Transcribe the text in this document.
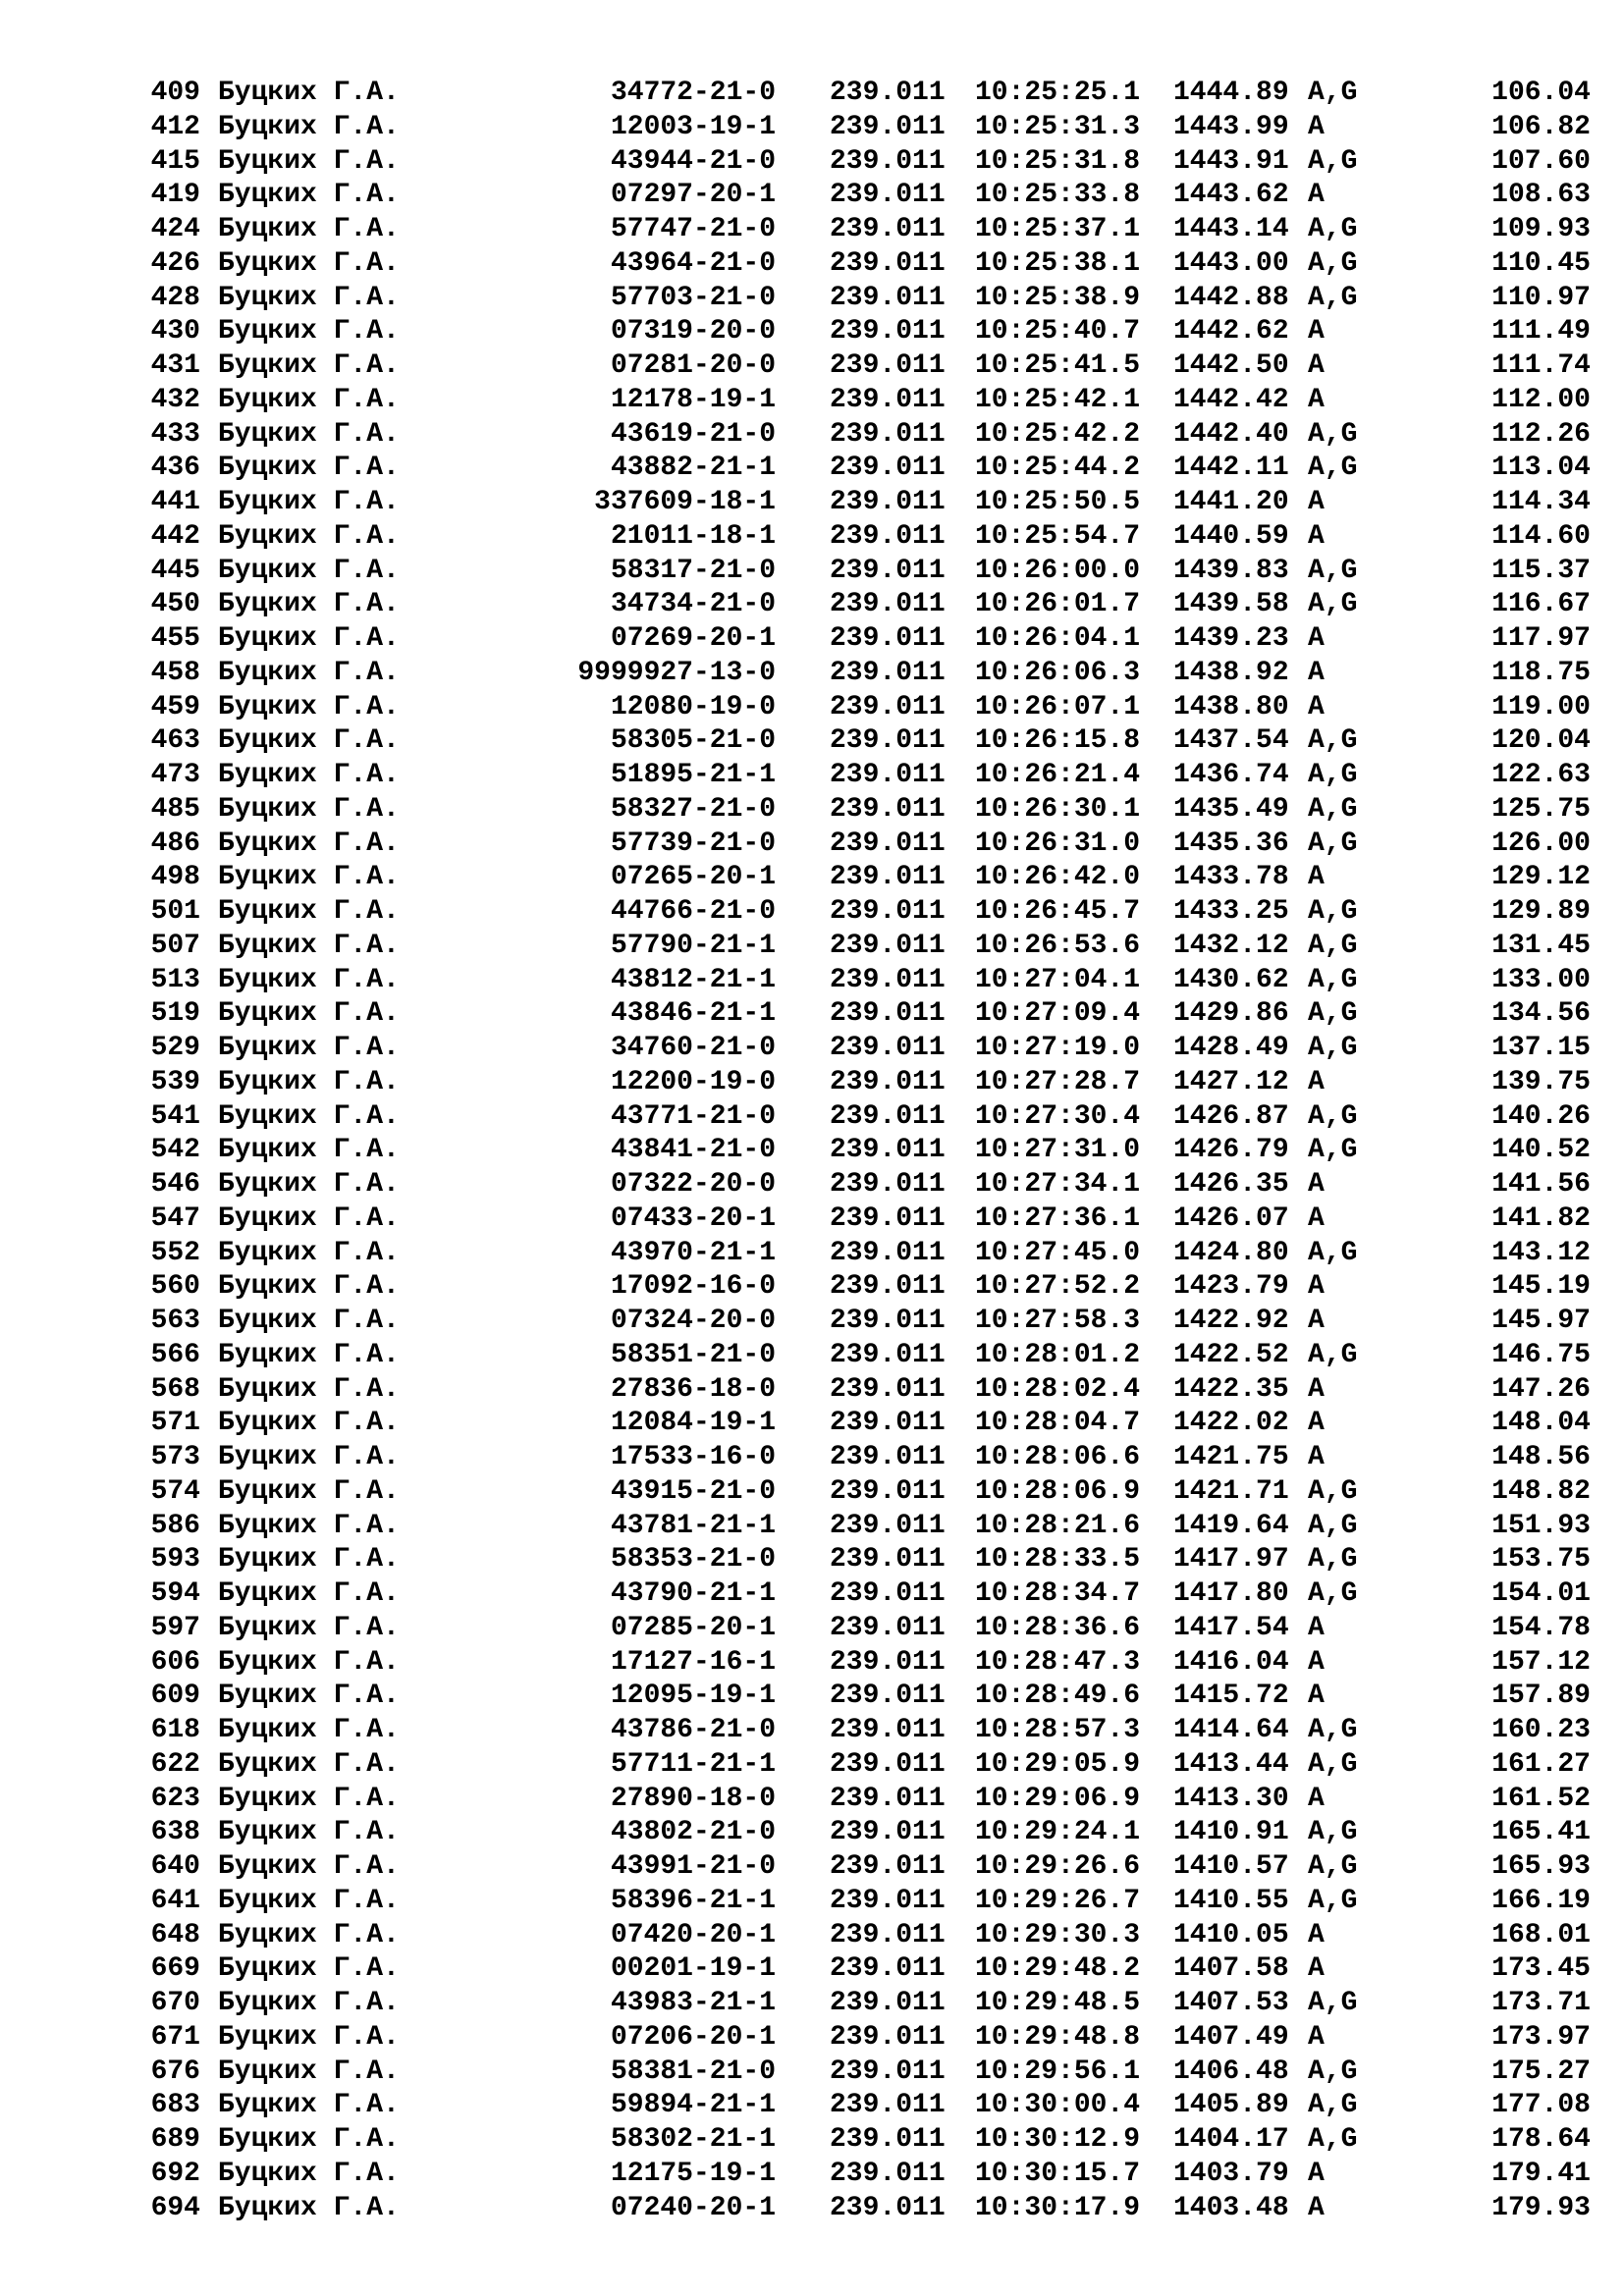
409 Буцких Г.А.	34772-21-0 239.011 10:25:25.1 1444.89 A,G	106.04
412 Буцких Г.А.	12003-19-1 239.011 10:25:31.3 1443.99 A	106.82
415 Буцких Г.А.	43944-21-0 239.011 10:25:31.8 1443.91 A,G	107.60
419 Буцких Г.А.	07297-20-1 239.011 10:25:33.8 1443.62 A	108.63
424 Буцких Г.А.	57747-21-0 239.011 10:25:37.1 1443.14 A,G	109.93
426 Буцких Г.А.	43964-21-0 239.011 10:25:38.1 1443.00 A,G	110.45
428 Буцких Г.А.	57703-21-0 239.011 10:25:38.9 1442.88 A,G	110.97
430 Буцких Г.А.	07319-20-0 239.011 10:25:40.7 1442.62 A	111.49
431 Буцких Г.А.	07281-20-0 239.011 10:25:41.5 1442.50 A	111.74
432 Буцких Г.А.	12178-19-1 239.011 10:25:42.1 1442.42 A	112.00
433 Буцких Г.А.	43619-21-0 239.011 10:25:42.2 1442.40 A,G	112.26
436 Буцких Г.А.	43882-21-1 239.011 10:25:44.2 1442.11 A,G	113.04
441 Буцких Г.А.	337609-18-1 239.011 10:25:50.5 1441.20 A	114.34
442 Буцких Г.А.	21011-18-1 239.011 10:25:54.7 1440.59 A	114.60
445 Буцких Г.А.	58317-21-0 239.011 10:26:00.0 1439.83 A,G	115.37
450 Буцких Г.А.	34734-21-0 239.011 10:26:01.7 1439.58 A,G	116.67
455 Буцких Г.А.	07269-20-1 239.011 10:26:04.1 1439.23 A	117.97
458 Буцких Г.А.	9999927-13-0 239.011 10:26:06.3 1438.92 A	118.75
459 Буцких Г.А.	12080-19-0 239.011 10:26:07.1 1438.80 A	119.00
463 Буцких Г.А.	58305-21-0 239.011 10:26:15.8 1437.54 A,G	120.04
473 Буцких Г.А.	51895-21-1 239.011 10:26:21.4 1436.74 A,G	122.63
485 Буцких Г.А.	58327-21-0 239.011 10:26:30.1 1435.49 A,G	125.75
486 Буцких Г.А.	57739-21-0 239.011 10:26:31.0 1435.36 A,G	126.00
498 Буцких Г.А.	07265-20-1 239.011 10:26:42.0 1433.78 A	129.12
501 Буцких Г.А.	44766-21-0 239.011 10:26:45.7 1433.25 A,G	129.89
507 Буцких Г.А.	57790-21-1 239.011 10:26:53.6 1432.12 A,G	131.45
513 Буцких Г.А.	43812-21-1 239.011 10:27:04.1 1430.62 A,G	133.00
519 Буцких Г.А.	43846-21-1 239.011 10:27:09.4 1429.86 A,G	134.56
529 Буцких Г.А.	34760-21-0 239.011 10:27:19.0 1428.49 A,G	137.15
539 Буцких Г.А.	12200-19-0 239.011 10:27:28.7 1427.12 A	139.75
541 Буцких Г.А.	43771-21-0 239.011 10:27:30.4 1426.87 A,G	140.26
542 Буцких Г.А.	43841-21-0 239.011 10:27:31.0 1426.79 A,G	140.52
546 Буцких Г.А.	07322-20-0 239.011 10:27:34.1 1426.35 A	141.56
547 Буцких Г.А.	07433-20-1 239.011 10:27:36.1 1426.07 A	141.82
552 Буцких Г.А.	43970-21-1 239.011 10:27:45.0 1424.80 A,G	143.12
560 Буцких Г.А.	17092-16-0 239.011 10:27:52.2 1423.79 A	145.19
563 Буцких Г.А.	07324-20-0 239.011 10:27:58.3 1422.92 A	145.97
566 Буцких Г.А.	58351-21-0 239.011 10:28:01.2 1422.52 A,G	146.75
568 Буцких Г.А.	27836-18-0 239.011 10:28:02.4 1422.35 A	147.26
571 Буцких Г.А.	12084-19-1 239.011 10:28:04.7 1422.02 A	148.04
573 Буцких Г.А.	17533-16-0 239.011 10:28:06.6 1421.75 A	148.56
574 Буцких Г.А.	43915-21-0 239.011 10:28:06.9 1421.71 A,G	148.82
586 Буцких Г.А.	43781-21-1 239.011 10:28:21.6 1419.64 A,G	151.93
593 Буцких Г.А.	58353-21-0 239.011 10:28:33.5 1417.97 A,G	153.75
594 Буцких Г.А.	43790-21-1 239.011 10:28:34.7 1417.80 A,G	154.01
597 Буцких Г.А.	07285-20-1 239.011 10:28:36.6 1417.54 A	154.78
606 Буцких Г.А.	17127-16-1 239.011 10:28:47.3 1416.04 A	157.12
609 Буцких Г.А.	12095-19-1 239.011 10:28:49.6 1415.72 A	157.89
618 Буцких Г.А.	43786-21-0 239.011 10:28:57.3 1414.64 A,G	160.23
622 Буцких Г.А.	57711-21-1 239.011 10:29:05.9 1413.44 A,G	161.27
623 Буцких Г.А.	27890-18-0 239.011 10:29:06.9 1413.30 A	161.52
638 Буцких Г.А.	43802-21-0 239.011 10:29:24.1 1410.91 A,G	165.41
640 Буцких Г.А.	43991-21-0 239.011 10:29:26.6 1410.57 A,G	165.93
641 Буцких Г.А.	58396-21-1 239.011 10:29:26.7 1410.55 A,G	166.19
648 Буцких Г.А.	07420-20-1 239.011 10:29:30.3 1410.05 A	168.01
669 Буцких Г.А.	00201-19-1 239.011 10:29:48.2 1407.58 A	173.45
670 Буцких Г.А.	43983-21-1 239.011 10:29:48.5 1407.53 A,G	173.71
671 Буцких Г.А.	07206-20-1 239.011 10:29:48.8 1407.49 A	173.97
676 Буцких Г.А.	58381-21-0 239.011 10:29:56.1 1406.48 A,G	175.27
683 Буцких Г.А.	59894-21-1 239.011 10:30:00.4 1405.89 A,G	177.08
689 Буцких Г.А.	58302-21-1 239.011 10:30:12.9 1404.17 A,G	178.64
692 Буцких Г.А.	12175-19-1 239.011 10:30:15.7 1403.79 A	179.41
694 Буцких Г.А.	07240-20-1 239.011 10:30:17.9 1403.48 A	179.93
